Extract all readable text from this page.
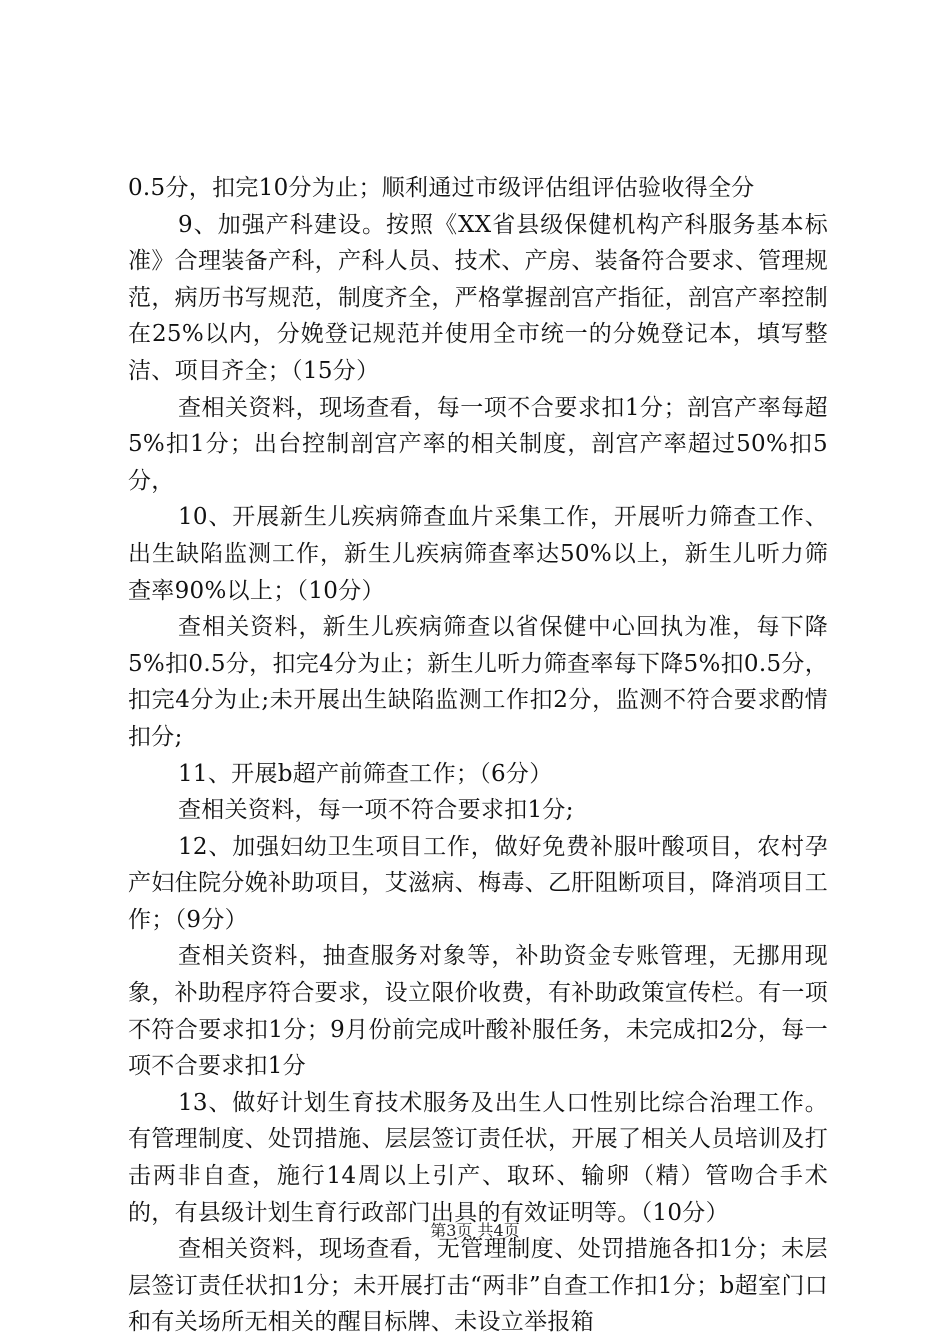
0.5分，扣完10分为止；顺利通过市级评估组评估验收得全分

9、加强产科建设。按照《XX省县级保健机构产科服务基本标准》合理装备产科，产科人员、技术、产房、装备符合要求、管理规范，病历书写规范，制度齐全，严格掌握剖宫产指征，剖宫产率控制在25%以内，分娩登记规范并使用全市统一的分娩登记本，填写整洁、项目齐全；（15分）

查相关资料，现场查看，每一项不合要求扣1分；剖宫产率每超5%扣1分；出台控制剖宫产率的相关制度，剖宫产率超过50%扣5分，

10、开展新生儿疾病筛查血片采集工作，开展听力筛查工作、出生缺陷监测工作，新生儿疾病筛查率达50%以上，新生儿听力筛查率90%以上；（10分）

查相关资料，新生儿疾病筛查以省保健中心回执为准，每下降5%扣0.5分，扣完4分为止；新生儿听力筛查率每下降5%扣0.5分，扣完4分为止;未开展出生缺陷监测工作扣2分，监测不符合要求酌情扣分;

11、开展b超产前筛查工作；（6分）

查相关资料，每一项不符合要求扣1分;

12、加强妇幼卫生项目工作，做好免费补服叶酸项目，农村孕产妇住院分娩补助项目，艾滋病、梅毒、乙肝阻断项目，降消项目工作；（9分）

查相关资料，抽查服务对象等，补助资金专账管理，无挪用现象，补助程序符合要求，设立限价收费，有补助政策宣传栏。有一项不符合要求扣1分；9月份前完成叶酸补服任务，未完成扣2分，每一项不合要求扣1分

13、做好计划生育技术服务及出生人口性别比综合治理工作。有管理制度、处罚措施、层层签订责任状，开展了相关人员培训及打击两非自查，施行14周以上引产、取环、输卵（精）管吻合手术的，有县级计划生育行政部门出具的有效证明等。（10分）

查相关资料，现场查看，无管理制度、处罚措施各扣1分；未层层签订责任状扣1分；未开展打击“两非”自查工作扣1分；b超室门口和有关场所无相关的醒目标牌、未设立举报箱

第3页 共4页
